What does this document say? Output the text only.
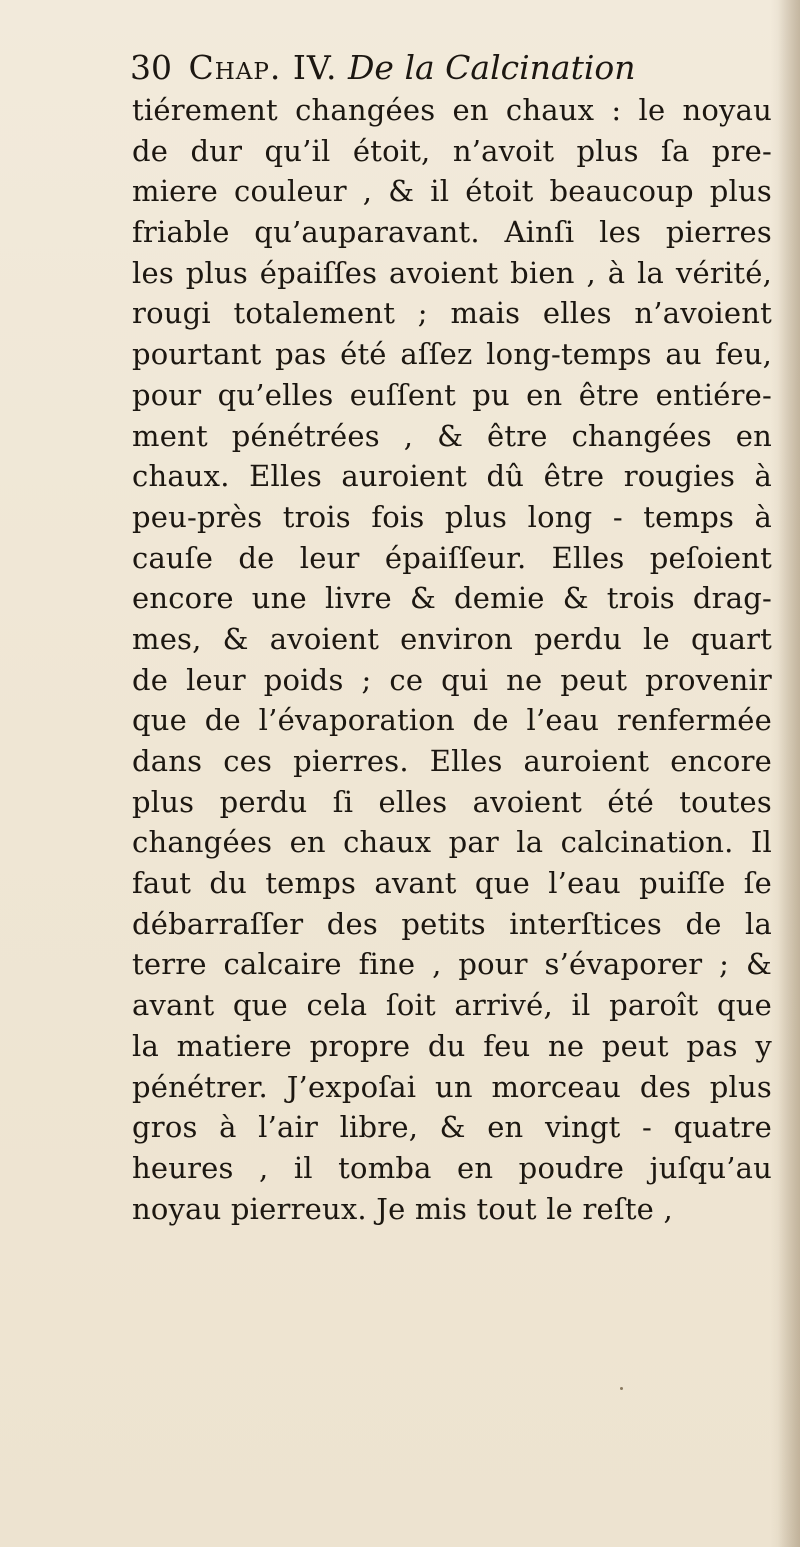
30 Chap. IV. De la Calcination
tiérement changées en chaux : le noyau
de dur qu’il étoit, n’avoit plus ſa pre-
miere couleur , & il étoit beaucoup plus
friable qu’auparavant. Ainſi les pierres
les plus épaiſſes avoient bien , à la vérité,
rougi totalement ; mais elles n’avoient
pourtant pas été aſſez long-temps au feu,
pour qu’elles euſſent pu en être entiére-
ment pénétrées , & être changées en
chaux. Elles auroient dû être rougies à
peu-près trois fois plus long - temps à
cauſe de leur épaiſſeur. Elles peſoient
encore une livre & demie & trois drag-
mes, & avoient environ perdu le quart
de leur poids ; ce qui ne peut provenir
que de l’évaporation de l’eau renfermée
dans ces pierres. Elles auroient encore
plus perdu ſi elles avoient été toutes
changées en chaux par la calcination. Il
faut du temps avant que l’eau puiſſe ſe
débarraſſer des petits interſtices de la
terre calcaire fine , pour s’évaporer ; &
avant que cela ſoit arrivé, il paroît que
la matiere propre du feu ne peut pas y
pénétrer. J’expoſai un morceau des plus
gros à l’air libre, & en vingt - quatre
heures , il tomba en poudre juſqu’au
noyau pierreux. Je mis tout le reſte ,
